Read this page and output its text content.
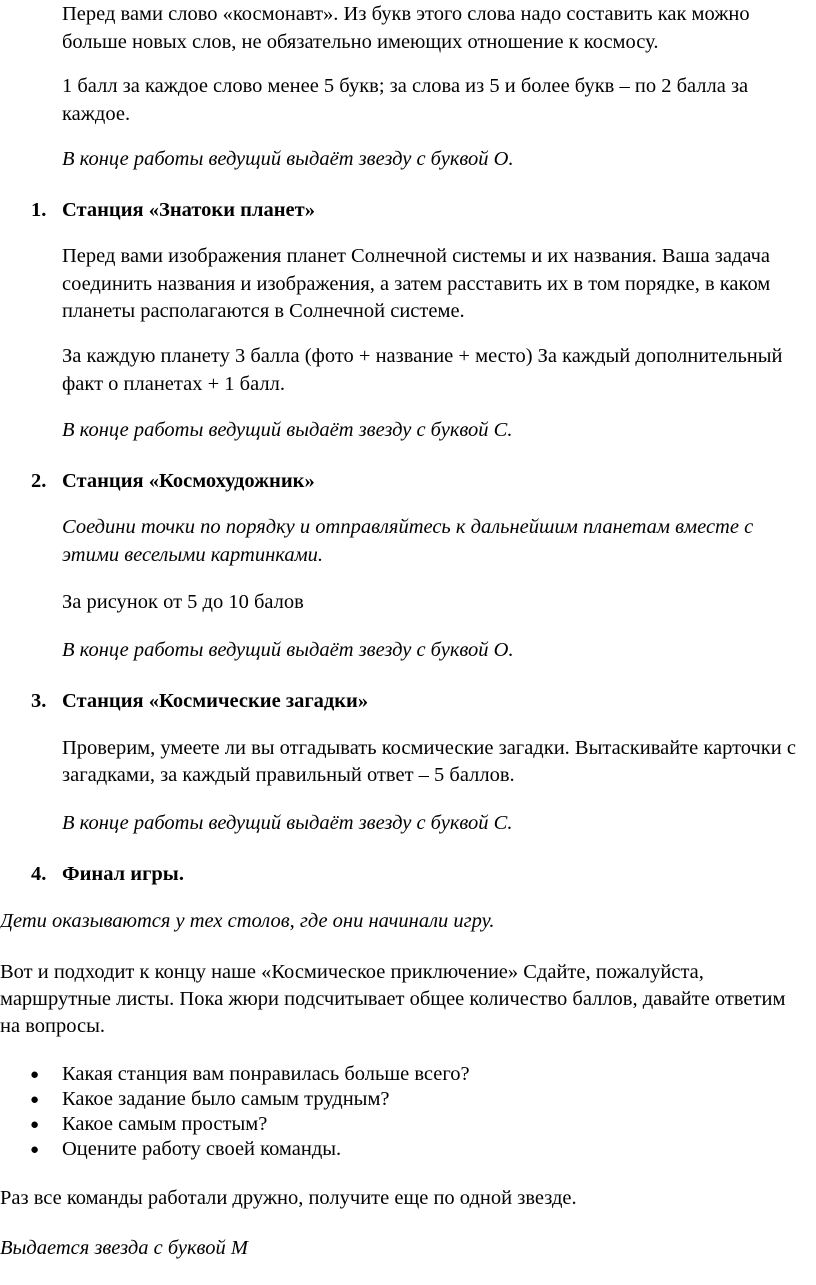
Перед вами слово «космонавт». Из букв этого слова надо составить как можно

больше новых слов, не обязательно имеющих отношение к космосу.

1 балл за каждое слово менее 5 букв; за слова из 5 и более букв – по 2 балла за

каждое.

В конце работы ведущий выдаёт звезду с буквой О.

1. Станция «Знатоки планет»

Перед вами изображения планет Солнечной системы и их названия. Ваша задача

соединить названия и изображения, а затем расставить их в том порядке, в каком

планеты располагаются в Солнечной системе.

За каждую планету 3 балла (фото + название + место) За каждый дополнительный

факт о планетах + 1 балл.

В конце работы ведущий выдаёт звезду с буквой С.

2. Станция «Космохудожник»

Соедини точки по порядку и отправляйтесь к дальнейшим планетам вместе с

этими веселыми картинками.

За рисунок от 5 до 10 балов

В конце работы ведущий выдаёт звезду с буквой О.

3. Станция «Космические загадки»

Проверим, умеете ли вы отгадывать космические загадки. Вытаскивайте карточки с

загадками, за каждый правильный ответ – 5 баллов.

В конце работы ведущий выдаёт звезду с буквой С.

4. Финал игры.

Дети оказываются у тех столов, где они начинали игру.

Вот и подходит к концу наше «Космическое приключение» Сдайте, пожалуйста,

маршрутные листы. Пока жюри подсчитывает общее количество баллов, давайте ответим

на вопросы.

● Какая станция вам понравилась больше всего?

● Какое задание было самым трудным?

● Какое самым простым?

● Оцените работу своей команды.

Раз все команды работали дружно, получите еще по одной звезде.

Выдается звезда с буквой М
